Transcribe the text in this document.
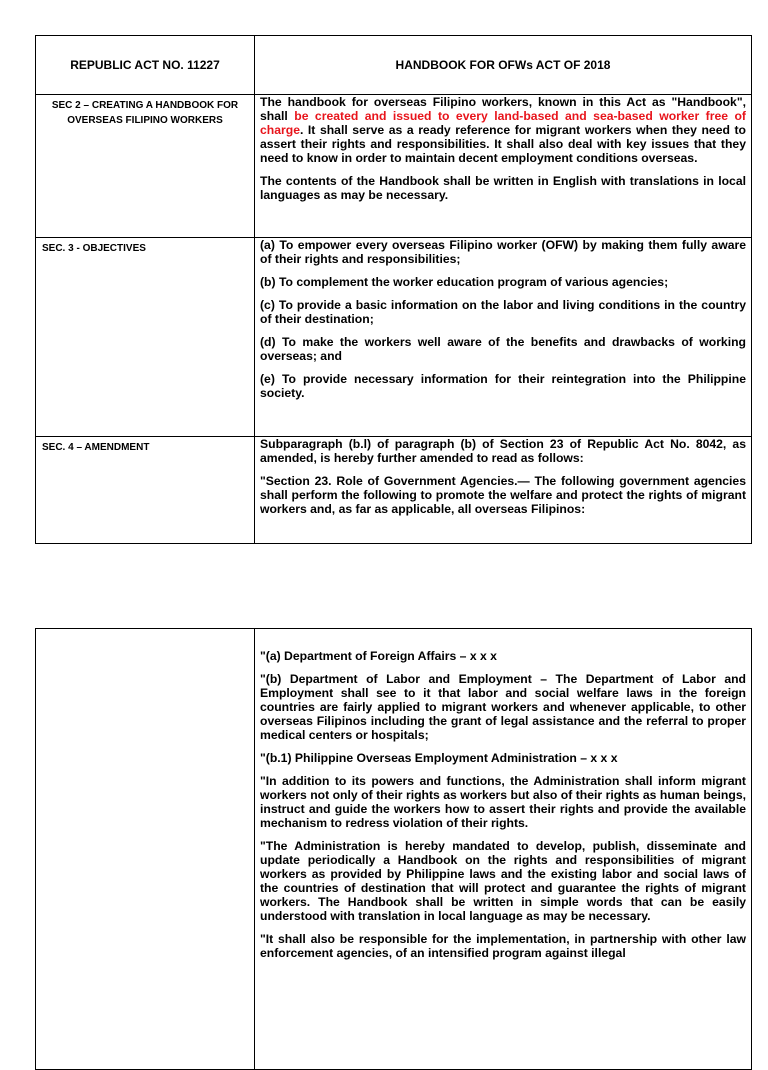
REPUBLIC ACT NO. 11227	HANDBOOK FOR OFWs ACT OF 2018
SEC 2 – CREATING A HANDBOOK FOR OVERSEAS FILIPINO WORKERS	The handbook for overseas Filipino workers, known in this Act as "Handbook", shall be created and issued to every land-based and sea-based worker free of charge. It shall serve as a ready reference for migrant workers when they need to assert their rights and responsibilities. It shall also deal with key issues that they need to know in order to maintain decent employment conditions overseas.

The contents of the Handbook shall be written in English with translations in local languages as may be necessary.

SEC. 3 - OBJECTIVES	(a) To empower every overseas Filipino worker (OFW) by making them fully aware of their rights and responsibilities;

(b) To complement the worker education program of various agencies;

(c) To provide a basic information on the labor and living conditions in the country of their destination;

(d) To make the workers well aware of the benefits and drawbacks of working overseas; and

(e) To provide necessary information for their reintegration into the Philippine society.

SEC. 4 – AMENDMENT	Subparagraph (b.l) of paragraph (b) of Section 23 of Republic Act No. 8042, as amended, is hereby further amended to read as follows:

"Section 23. Role of Government Agencies.— The following government agencies shall perform the following to promote the welfare and protect the rights of migrant workers and, as far as applicable, all overseas Filipinos:

"(a) Department of Foreign Affairs – x x x

"(b) Department of Labor and Employment – The Department of Labor and Employment shall see to it that labor and social welfare laws in the foreign countries are fairly applied to migrant workers and whenever applicable, to other overseas Filipinos including the grant of legal assistance and the referral to proper medical centers or hospitals;

"(b.1) Philippine Overseas Employment Administration – x x x

"In addition to its powers and functions, the Administration shall inform migrant workers not only of their rights as workers but also of their rights as human beings, instruct and guide the workers how to assert their rights and provide the available mechanism to redress violation of their rights.

"The Administration is hereby mandated to develop, publish, disseminate and update periodically a Handbook on the rights and responsibilities of migrant workers as provided by Philippine laws and the existing labor and social laws of the countries of destination that will protect and guarantee the rights of migrant workers. The Handbook shall be written in simple words that can be easily understood with translation in local language as may be necessary.

"It shall also be responsible for the implementation, in partnership with other law enforcement agencies, of an intensified program against illegal
